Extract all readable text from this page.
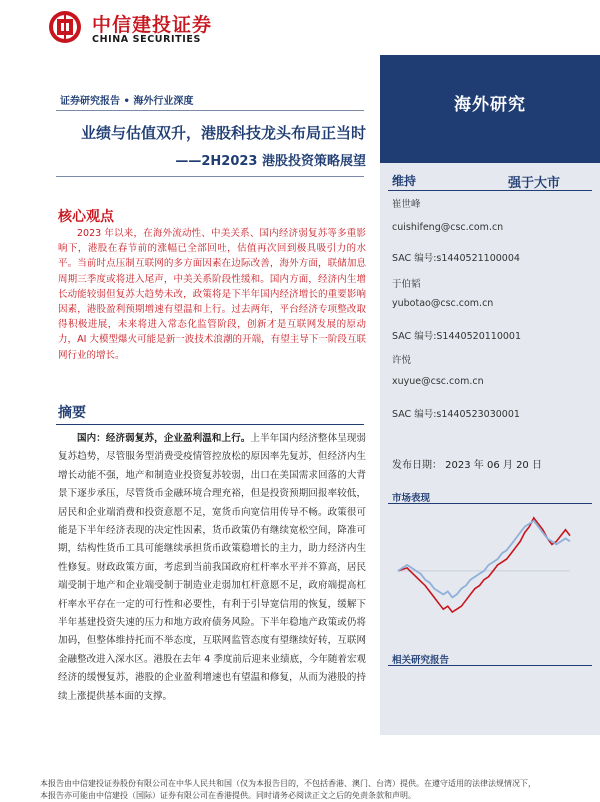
中信建投证券
CHINA SECURITIES
证券研究报告 • 海外行业深度
业绩与估值双升，港股科技龙头布局正当时
——2H2023 港股投资策略展望
核心观点

2023 年以来，在海外流动性、中美关系、国内经济弱复苏等多重影响下，港股在春节前的涨幅已全部回吐，估值再次回到极具吸引力的水平。当前时点压制互联网的多方面因素在边际改善，海外方面，联储加息周期三季度或将进入尾声，中美关系阶段性缓和。国内方面，经济内生增长动能较弱但复苏大趋势未改，政策将是下半年国内经济增长的重要影响因素，港股盈利预期增速有望温和上行。过去两年，平台经济专项整改取得积极进展，未来将进入常态化监管阶段，创新才是互联网发展的原动力，AI 大模型爆火可能是新一波技术浪潮的开端，有望主导下一阶段互联网行业的增长。

摘要

国内：经济弱复苏，企业盈利温和上行。上半年国内经济整体呈现弱复苏趋势，尽管服务型消费受疫情管控放松的原因率先复苏，但经济内生增长动能不强，地产和制造业投资复苏较弱，出口在美国需求回落的大背景下逐步承压，尽管货币金融环境合理充裕，但是投资预期回报率较低，居民和企业端消费和投资意愿不足，宽货币向宽信用传导不畅。政策很可能是下半年经济表现的决定性因素，货币政策仍有继续宽松空间，降准可期，结构性货币工具可能继续承担货币政策稳增长的主力，助力经济内生性修复。财政政策方面，考虑到当前我国政府杠杆率水平并不算高，居民端受制于地产和企业端受制于制造业走弱加杠杆意愿不足，政府端提高杠杆率水平存在一定的可行性和必要性，有利于引导宽信用的恢复，缓解下半年基建投资失速的压力和地方政府债务风险。下半年稳地产政策或仍将加码，但整体维持托而不举态度，互联网监管态度有望继续好转，互联网金融整改进入深水区。港股在去年 4 季度前后迎来业绩底，今年随着宏观经济的缓慢复苏，港股的企业盈利增速也有望温和修复，从而为港股的持续上涨提供基本面的支撑。

海外研究
维持	强于大市
崔世峰
cuishifeng@csc.com.cn
SAC 编号:s1440521100004
于伯韬
yubotao@csc.com.cn
SAC 编号:S1440520110001
许悦
xuyue@csc.com.cn
SAC 编号:s1440523030001
发布日期： 2023 年 06 月 20 日
市场表现
相关研究报告
本报告由中信建投证券股份有限公司在中华人民共和国（仅为本报告目的，不包括香港、澳门、台湾）提供。在遵守适用的法律法规情况下，
本报告亦可能由中信建投（国际）证券有限公司在香港提供。同时请务必阅读正文之后的免责条款和声明。
